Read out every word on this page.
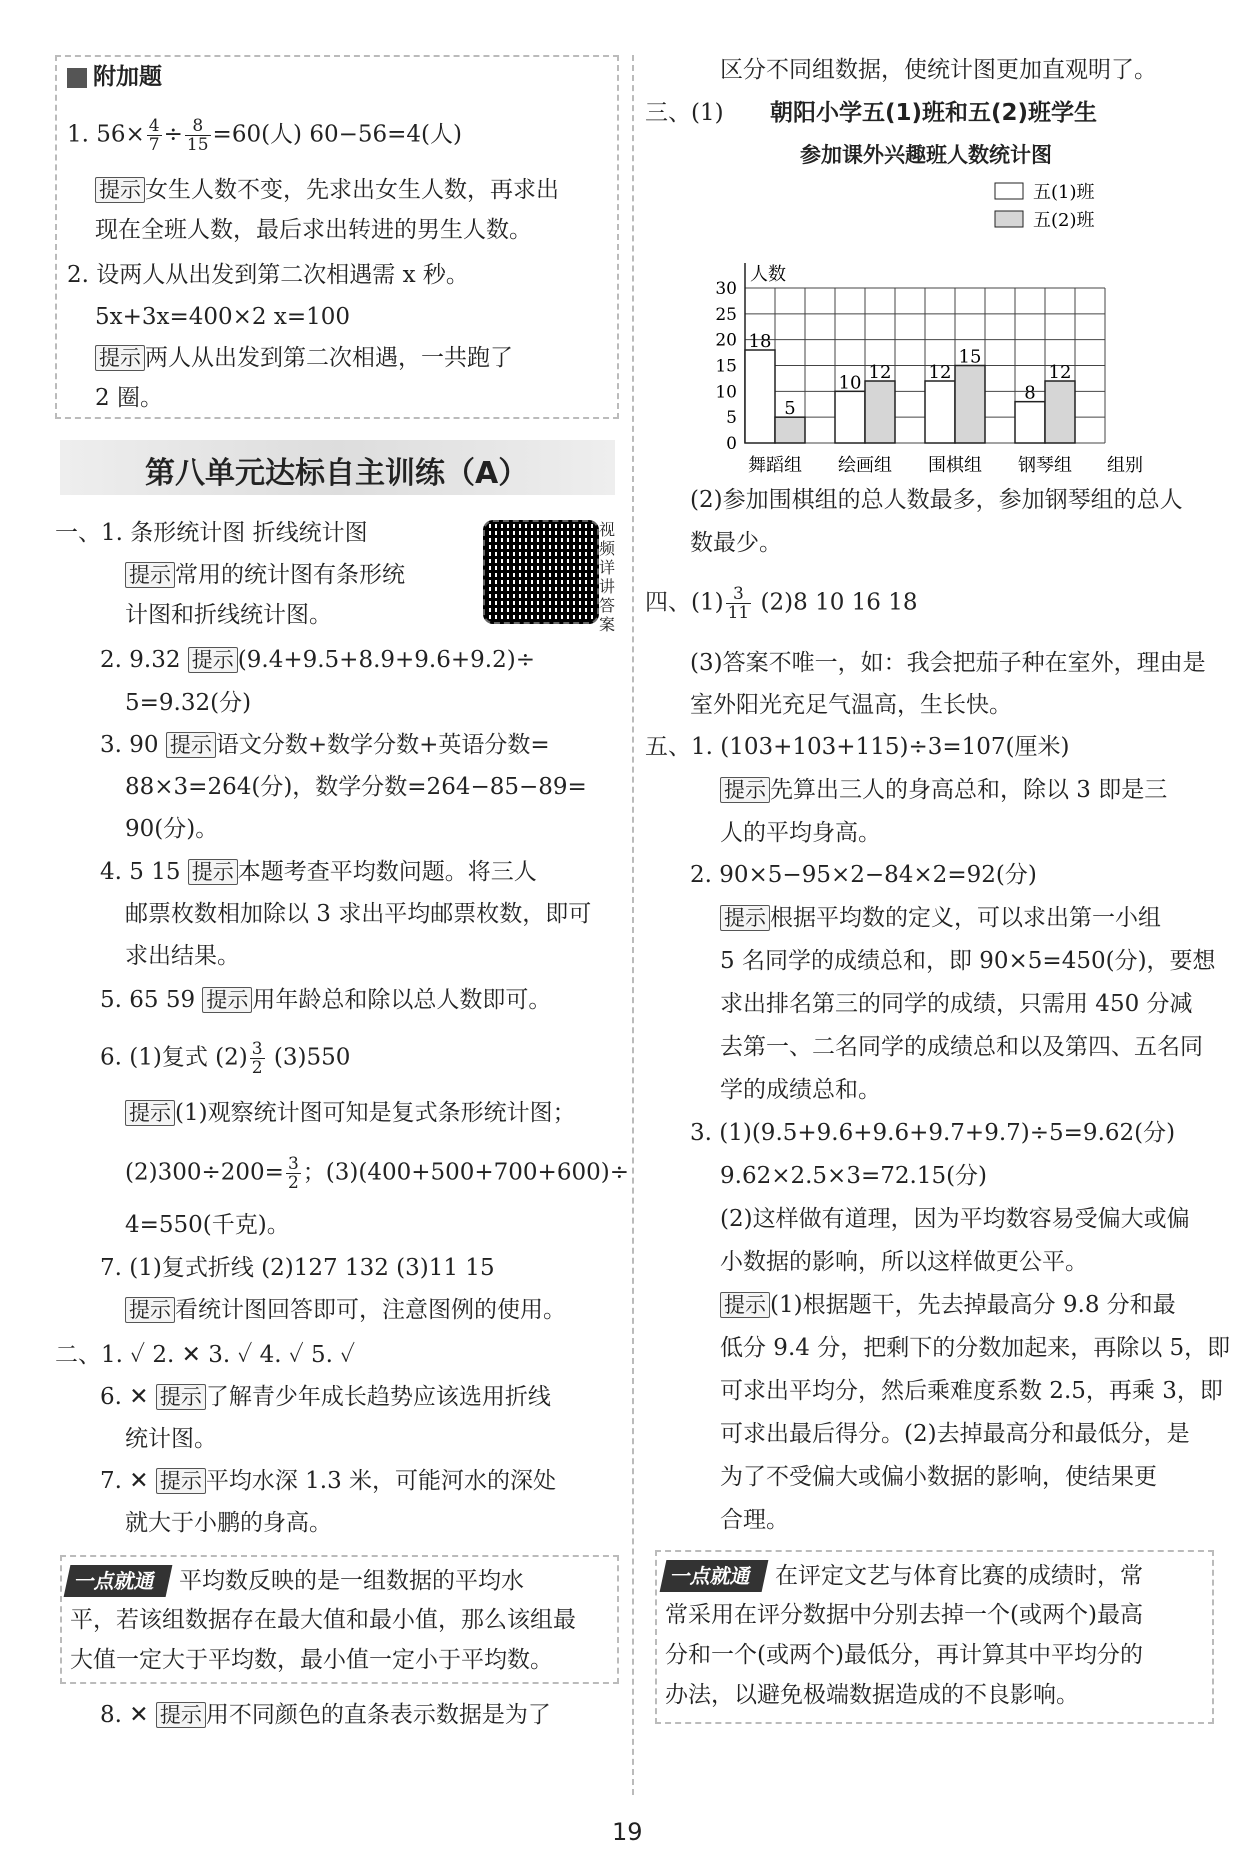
附加题
1. $56\times \frac{4}{7} \div \frac{8}{15} =60$(人) 60−56=4(人)
提示 女生人数不变，先求出女生人数，再求出
现在全班人数，最后求出转进的男生人数。
2. 设两人从出发到第二次相遇需 x 秒。
5x+3x=400×2 x=100
提示 两人从出发到第二次相遇，一共跑了
2 圈。
第八单元达标自主训练（A）
视频详讲答案
一、1. 条形统计图 折线统计图
提示 常用的统计图有条形统
计图和折线统计图。
2. 9.32 提示 (9.4+9.5+8.9+9.6+9.2)÷
5=9.32(分)
3. 90 提示 语文分数+数学分数+英语分数=
88×3=264(分)，数学分数=264−85−89=
90(分)。
4. 5 15 提示 本题考查平均数问题。将三人
邮票枚数相加除以 3 求出平均邮票枚数，即可
求出结果。
5. 65 59 提示 用年龄总和除以总人数即可。
6. (1)复式 $(2) \frac{3}{2} (3)550$
提示 (1)观察统计图可知是复式条形统计图；
$(2)300\div 200= \frac{3}{2}$ ；(3)(400+500+700+600)÷
4=550(千克)。
7. (1)复式折线 (2)127 132 (3)11 15
提示 看统计图回答即可，注意图例的使用。
二、1. ✓ 2. ✕ 3. ✓ 4. ✓ 5. ✓
6. ✕ 提示 了解青少年成长趋势应该选用折线
统计图。
7. ✕ 提示 平均水深 1.3 米，可能河水的深处
就大于小鹏的身高。
一点就通 平均数反映的是一组数据的平均水
平，若该组数据存在最大值和最小值，那么该组最
大值一定大于平均数，最小值一定小于平均数。
8. ✕ 提示 用不同颜色的直条表示数据是为了
区分不同组数据，使统计图更加直观明了。
三、(1) 朝阳小学五(1)班和五(2)班学生
参加课外兴趣班人数统计图
0
5
10
15
20
25
30
人数
组别
18
5
舞蹈组
10 12
绘画组
12
15
围棋组
8
12
钢琴组
五(1)班
五(2)班
(2)参加围棋组的总人数最多，参加钢琴组的总人
数最少。
四、$(1) \frac{3}{11} (2)8$ 10 16 18
(3)答案不唯一，如：我会把茄子种在室外，理由是
室外阳光充足气温高，生长快。
五、1. (103+103+115)÷3=107(厘米)
提示 先算出三人的身高总和，除以 3 即是三
人的平均身高。
2. 90×5−95×2−84×2=92(分)
提示 根据平均数的定义，可以求出第一小组
5 名同学的成绩总和，即 90×5=450(分)，要想
求出排名第三的同学的成绩，只需用 450 分减
去第一、二名同学的成绩总和以及第四、五名同
学的成绩总和。
3. (1)(9.5+9.6+9.6+9.7+9.7)÷5=9.62(分)
9.62×2.5×3=72.15(分)
(2)这样做有道理，因为平均数容易受偏大或偏
小数据的影响，所以这样做更公平。
提示 (1)根据题干，先去掉最高分 9.8 分和最
低分 9.4 分，把剩下的分数加起来，再除以 5，即
可求出平均分，然后乘难度系数 2.5，再乘 3，即
可求出最后得分。(2)去掉最高分和最低分，是
为了不受偏大或偏小数据的影响，使结果更
合理。
一点就通 在评定文艺与体育比赛的成绩时，常
常采用在评分数据中分别去掉一个(或两个)最高
分和一个(或两个)最低分，再计算其中平均分的
办法，以避免极端数据造成的不良影响。
19
